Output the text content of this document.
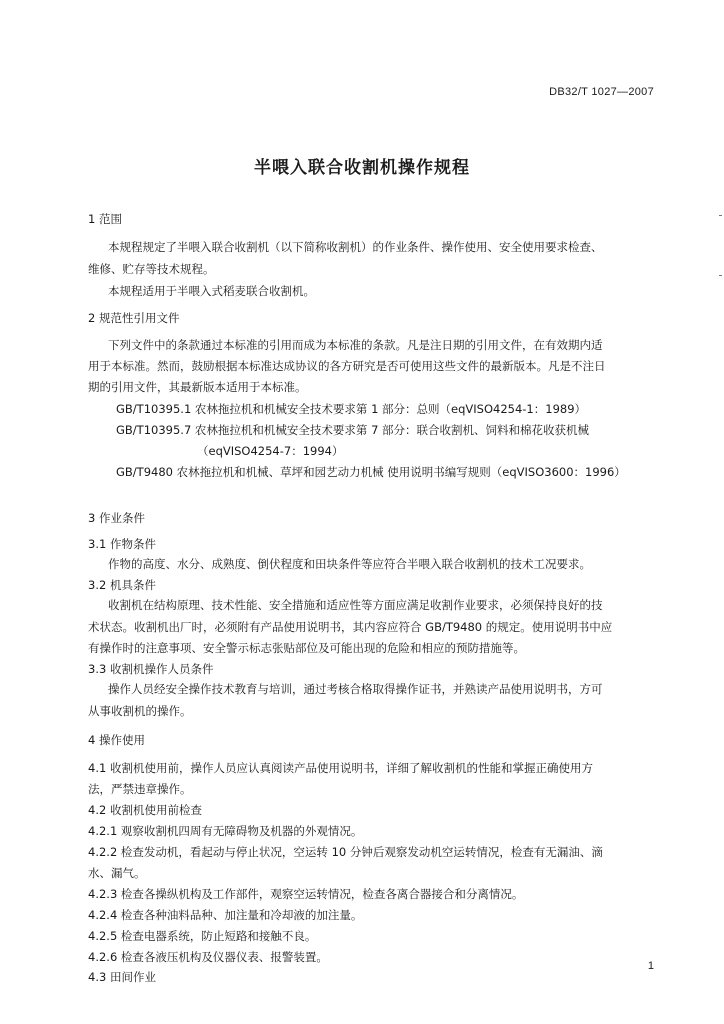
DB32/T 1027—2007
半喂入联合收割机操作规程
1 范围
本规程规定了半喂入联合收割机（以下简称收割机）的作业条件、操作使用、安全使用要求检查、
维修、贮存等技术规程。
本规程适用于半喂入式稻麦联合收割机。
2 规范性引用文件
下列文件中的条款通过本标准的引用而成为本标准的条款。凡是注日期的引用文件，在有效期内适
用于本标准。然而，鼓励根据本标准达成协议的各方研究是否可使用这些文件的最新版本。凡是不注日
期的引用文件，其最新版本适用于本标准。
GB/T10395.1 农林拖拉机和机械安全技术要求第 1 部分：总则（eqVISO4254-1：1989）
GB/T10395.7 农林拖拉机和机械安全技术要求第 7 部分：联合收割机、饲料和棉花收获机械
（eqVISO4254-7：1994）
GB/T9480 农林拖拉机和机械、草坪和园艺动力机械 使用说明书编写规则（eqVISO3600：1996）
3 作业条件
3.1 作物条件
作物的高度、水分、成熟度、倒伏程度和田块条件等应符合半喂入联合收割机的技术工况要求。
3.2 机具条件
收割机在结构原理、技术性能、安全措施和适应性等方面应满足收割作业要求，必须保持良好的技
术状态。收割机出厂时，必须附有产品使用说明书，其内容应符合 GB/T9480 的规定。使用说明书中应
有操作时的注意事项、安全警示标志张贴部位及可能出现的危险和相应的预防措施等。
3.3 收割机操作人员条件
操作人员经安全操作技术教育与培训，通过考核合格取得操作证书，并熟读产品使用说明书，方可
从事收割机的操作。
4 操作使用
4.1 收割机使用前，操作人员应认真阅读产品使用说明书，详细了解收割机的性能和掌握正确使用方
法，严禁违章操作。
4.2 收割机使用前检查
4.2.1 观察收割机四周有无障碍物及机器的外观情况。
4.2.2 检查发动机，看起动与停止状况，空运转 10 分钟后观察发动机空运转情况，检查有无漏油、滴
水、漏气。
4.2.3 检查各操纵机构及工作部件，观察空运转情况，检查各离合器接合和分离情况。
4.2.4 检查各种油料品种、加注量和冷却液的加注量。
4.2.5 检查电器系统，防止短路和接触不良。
4.2.6 检查各液压机构及仪器仪表、报警装置。
4.3 田间作业
1
